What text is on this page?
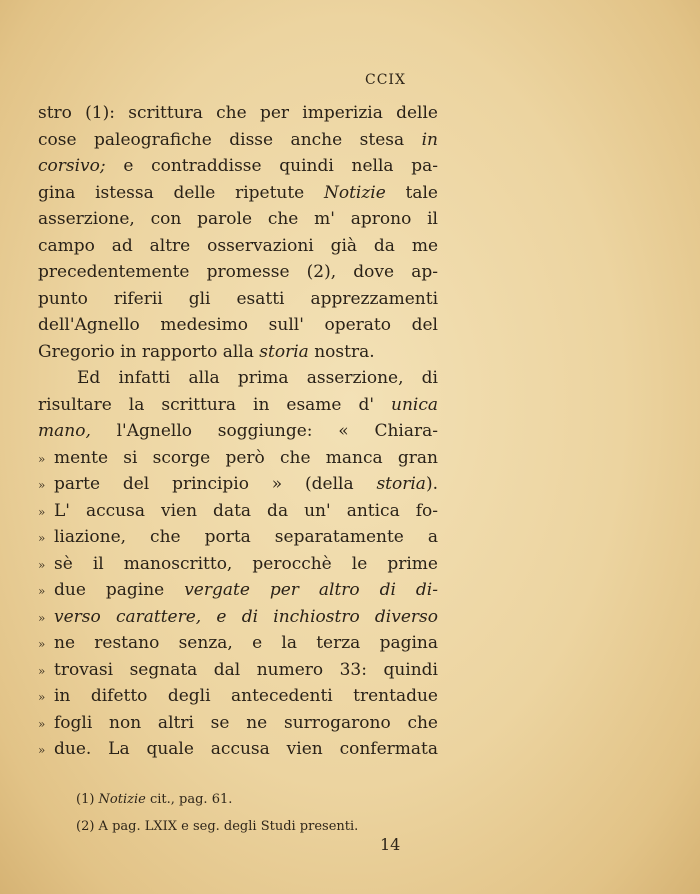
CCIX
stro (1): scrittura che per imperizia delle
cose paleografiche disse anche stesa in
corsivo; e contraddisse quindi nella pa-
gina istessa delle ripetute Notizie tale
asserzione, con parole che m' aprono il
campo ad altre osservazioni già da me
precedentemente promesse (2), dove ap-
punto riferii gli esatti apprezzamenti
dell'Agnello medesimo sull' operato del
Gregorio in rapporto alla storia nostra.
Ed infatti alla prima asserzione, di
risultare la scrittura in esame d' unica
mano, l'Agnello soggiunge: « Chiara-
» mente si scorge però che manca gran
» parte del principio » (della storia).
» L' accusa vien data da un' antica fo-
» liazione, che porta separatamente a
» sè il manoscritto, perocchè le prime
» due pagine vergate per altro di di-
» verso carattere, e di inchiostro diverso
» ne restano senza, e la terza pagina
» trovasi segnata dal numero 33: quindi
» in difetto degli antecedenti trentadue
» fogli non altri se ne surrogarono che
» due. La quale accusa vien confermata
(1) Notizie cit., pag. 61.
(2) A pag. LXIX e seg. degli Studi presenti.
14
